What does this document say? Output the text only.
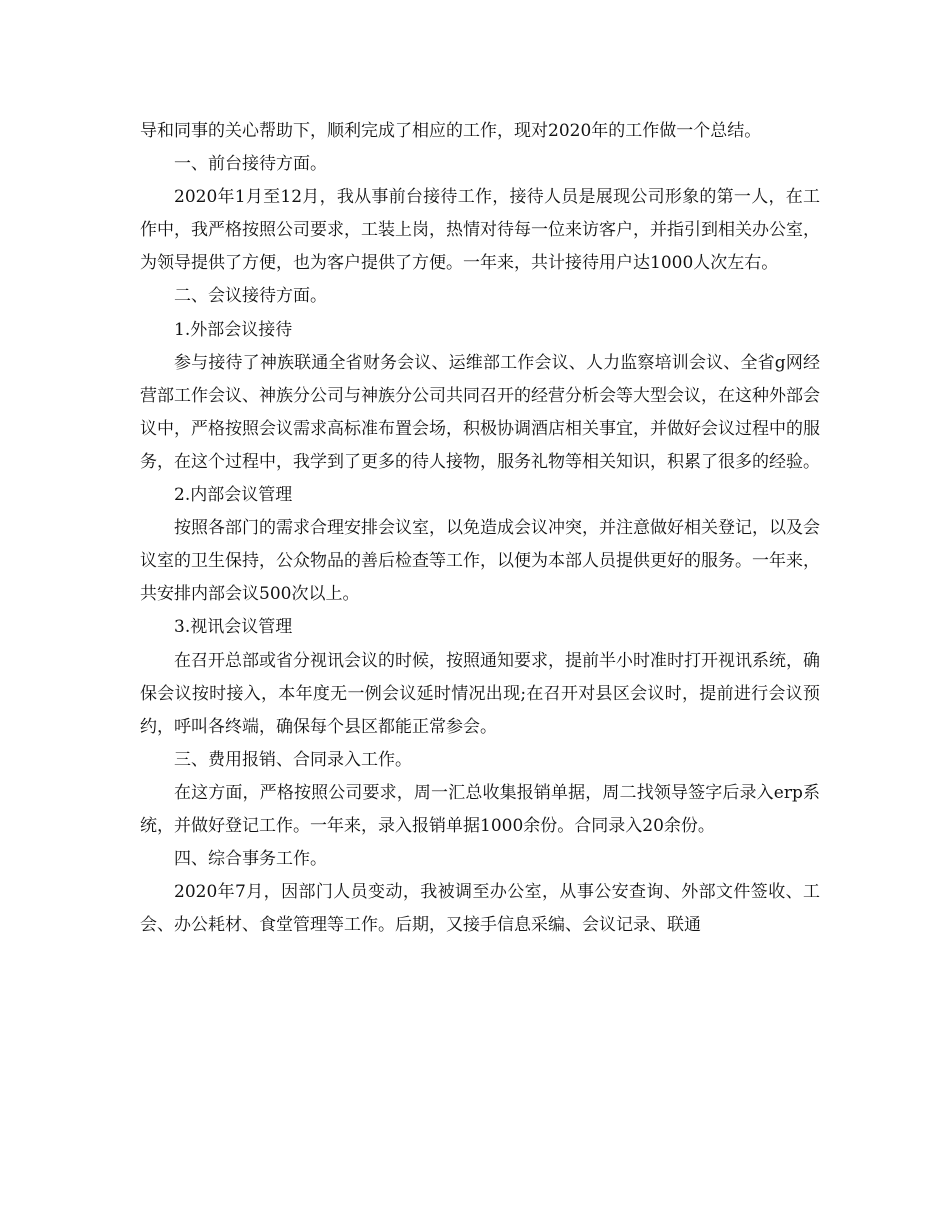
导和同事的关心帮助下，顺利完成了相应的工作，现对2020年的工作做一个总结。

一、前台接待方面。

2020年1月至12月，我从事前台接待工作，接待人员是展现公司形象的第一人，在工作中，我严格按照公司要求，工装上岗，热情对待每一位来访客户，并指引到相关办公室，为领导提供了方便，也为客户提供了方便。一年来，共计接待用户达1000人次左右。

二、会议接待方面。

1.外部会议接待

参与接待了神族联通全省财务会议、运维部工作会议、人力监察培训会议、全省g网经营部工作会议、神族分公司与神族分公司共同召开的经营分析会等大型会议，在这种外部会议中，严格按照会议需求高标准布置会场，积极协调酒店相关事宜，并做好会议过程中的服务，在这个过程中，我学到了更多的待人接物，服务礼物等相关知识，积累了很多的经验。

2.内部会议管理

按照各部门的需求合理安排会议室，以免造成会议冲突，并注意做好相关登记，以及会议室的卫生保持，公众物品的善后检查等工作，以便为本部人员提供更好的服务。一年来，共安排内部会议500次以上。

3.视讯会议管理

在召开总部或省分视讯会议的时候，按照通知要求，提前半小时准时打开视讯系统，确保会议按时接入，本年度无一例会议延时情况出现;在召开对县区会议时，提前进行会议预约，呼叫各终端，确保每个县区都能正常参会。

三、费用报销、合同录入工作。

在这方面，严格按照公司要求，周一汇总收集报销单据，周二找领导签字后录入erp系统，并做好登记工作。一年来，录入报销单据1000余份。合同录入20余份。

四、综合事务工作。

2020年7月，因部门人员变动，我被调至办公室，从事公安查询、外部文件签收、工会、办公耗材、食堂管理等工作。后期，又接手信息采编、会议记录、联通
